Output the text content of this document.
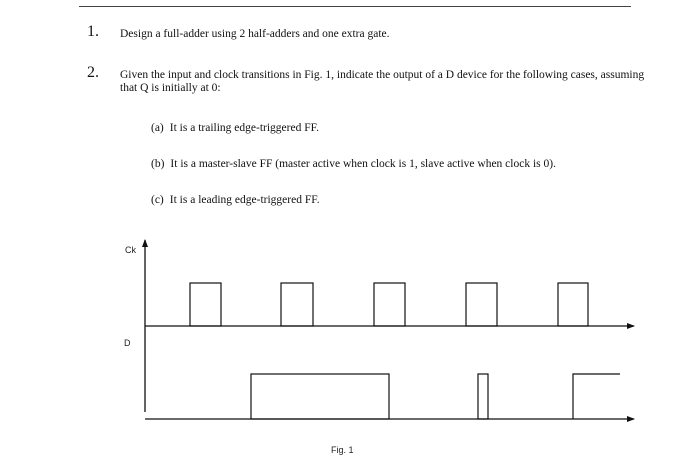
1. Design a full-adder using 2 half-adders and one extra gate.
2. Given the input and clock transitions in Fig. 1, indicate the output of a D device for the following cases, assuming that Q is initially at 0:
(a) It is a trailing edge-triggered FF.
(b) It is a master-slave FF (master active when clock is 1, slave active when clock is 0).
(c) It is a leading edge-triggered FF.
Ck
D
Fig. 1
